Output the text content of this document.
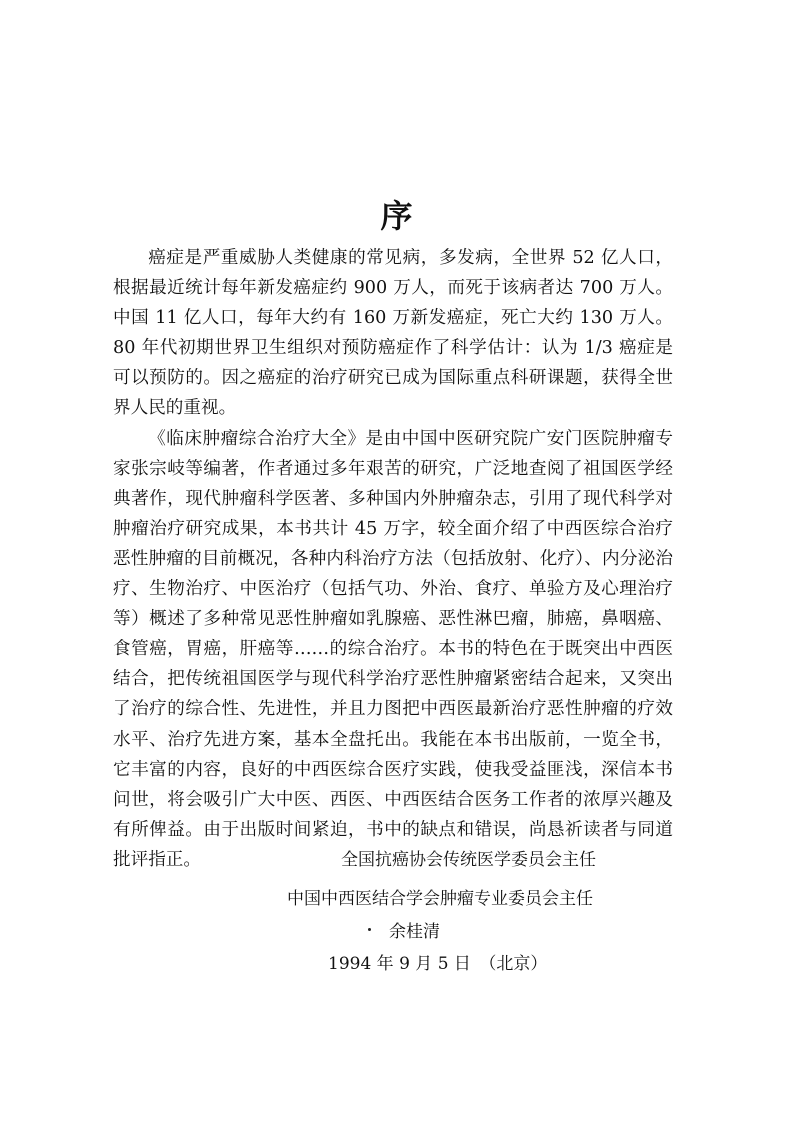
序

癌症是严重威胁人类健康的常见病，多发病，全世界 52 亿人口，根据最近统计每年新发癌症约 900 万人，而死于该病者达 700 万人。中国 11 亿人口，每年大约有 160 万新发癌症，死亡大约 130 万人。80 年代初期世界卫生组织对预防癌症作了科学估计：认为 1/3 癌症是可以预防的。因之癌症的治疗研究已成为国际重点科研课题，获得全世界人民的重视。

《临床肿瘤综合治疗大全》是由中国中医研究院广安门医院肿瘤专家张宗岐等编著，作者通过多年艰苦的研究，广泛地查阅了祖国医学经典著作，现代肿瘤科学医著、多种国内外肿瘤杂志，引用了现代科学对肿瘤治疗研究成果，本书共计 45 万字，较全面介绍了中西医综合治疗恶性肿瘤的目前概况，各种内科治疗方法（包括放射、化疗）、内分泌治疗、生物治疗、中医治疗（包括气功、外治、食疗、单验方及心理治疗等）概述了多种常见恶性肿瘤如乳腺癌、恶性淋巴瘤，肺癌，鼻咽癌、食管癌，胃癌，肝癌等……的综合治疗。本书的特色在于既突出中西医结合，把传统祖国医学与现代科学治疗恶性肿瘤紧密结合起来，又突出了治疗的综合性、先进性，并且力图把中西医最新治疗恶性肿瘤的疗效水平、治疗先进方案，基本全盘托出。我能在本书出版前，一览全书，它丰富的内容，良好的中西医综合医疗实践，使我受益匪浅，深信本书问世，将会吸引广大中医、西医、中西医结合医务工作者的浓厚兴趣及有所俾益。由于出版时间紧迫，书中的缺点和错误，尚恳祈读者与同道批评指正。	全国抗癌协会传统医学委员会主任
中国中西医结合学会肿瘤专业委员会主任
余桂清
1994 年 9 月 5 日　（北京）
